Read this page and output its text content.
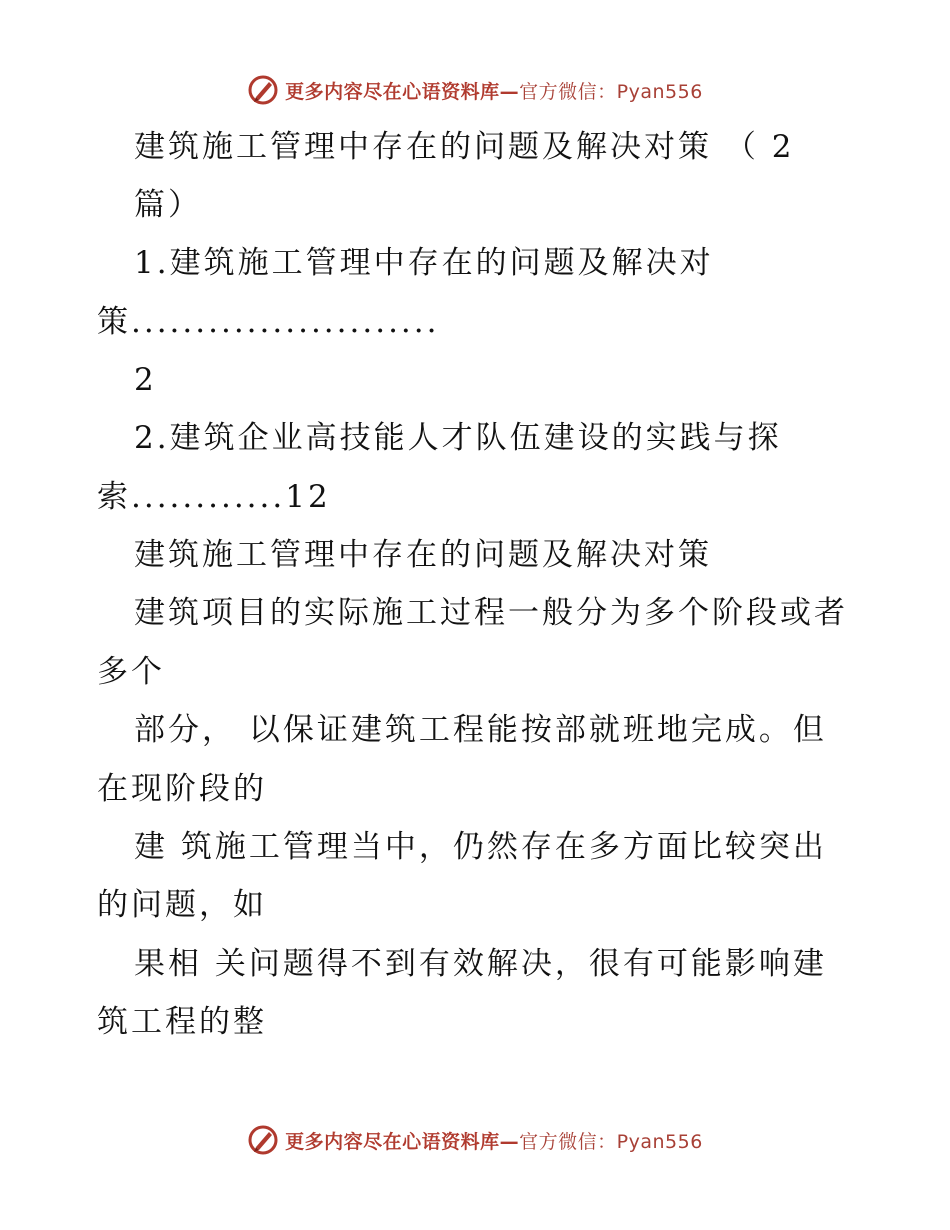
更多内容尽在心语资料库—官方微信：Pyan556

建筑施工管理中存在的问题及解决对策 （ 2

篇）

1.建筑施工管理中存在的问题及解决对

策........................

2

2.建筑企业高技能人才队伍建设的实践与探

索............12

建筑施工管理中存在的问题及解决对策

建筑项目的实际施工过程一般分为多个阶段或者

多个

部分， 以保证建筑工程能按部就班地完成。但

在现阶段的

建 筑施工管理当中，仍然存在多方面比较突出

的问题，如

果相 关问题得不到有效解决，很有可能影响建

筑工程的整

更多内容尽在心语资料库—官方微信：Pyan556
